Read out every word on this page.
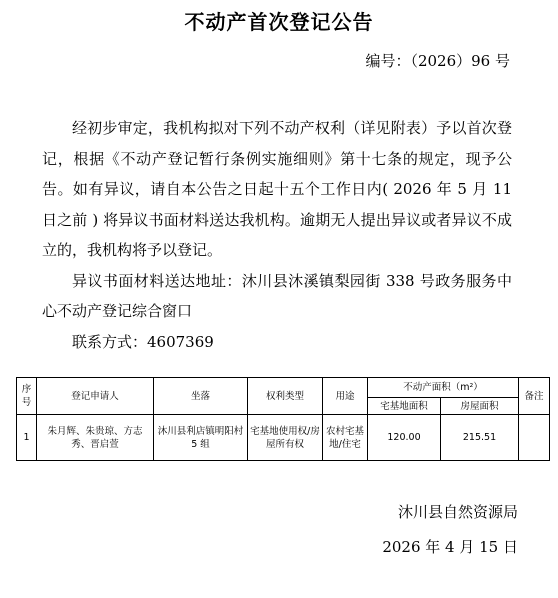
不动产首次登记公告
编号：（2026）96 号

经初步审定，我机构拟对下列不动产权利（详见附表）予以首次登记，根据《不动产登记暂行条例实施细则》第十七条的规定，现予公告。如有异议，请自本公告之日起十五个工作日内( 2026 年 5 月 11 日之前 ) 将异议书面材料送达我机构。逾期无人提出异议或者异议不成立的，我机构将予以登记。

异议书面材料送达地址：沐川县沐溪镇梨园街 338 号政务服务中心不动产登记综合窗口

联系方式：4607369

序号	登记申请人	坐落	权利类型	用途	不动产面积（m²）		备注
					宅基地面积	房屋面积	
1	朱月辉、朱贵琼、方志秀、晋启萱	沐川县利店镇明阳村 5 组	宅基地使用权/房屋所有权	农村宅基地/住宅	120.00	215.51	
沐川县自然资源局
2026 年 4 月 15 日
